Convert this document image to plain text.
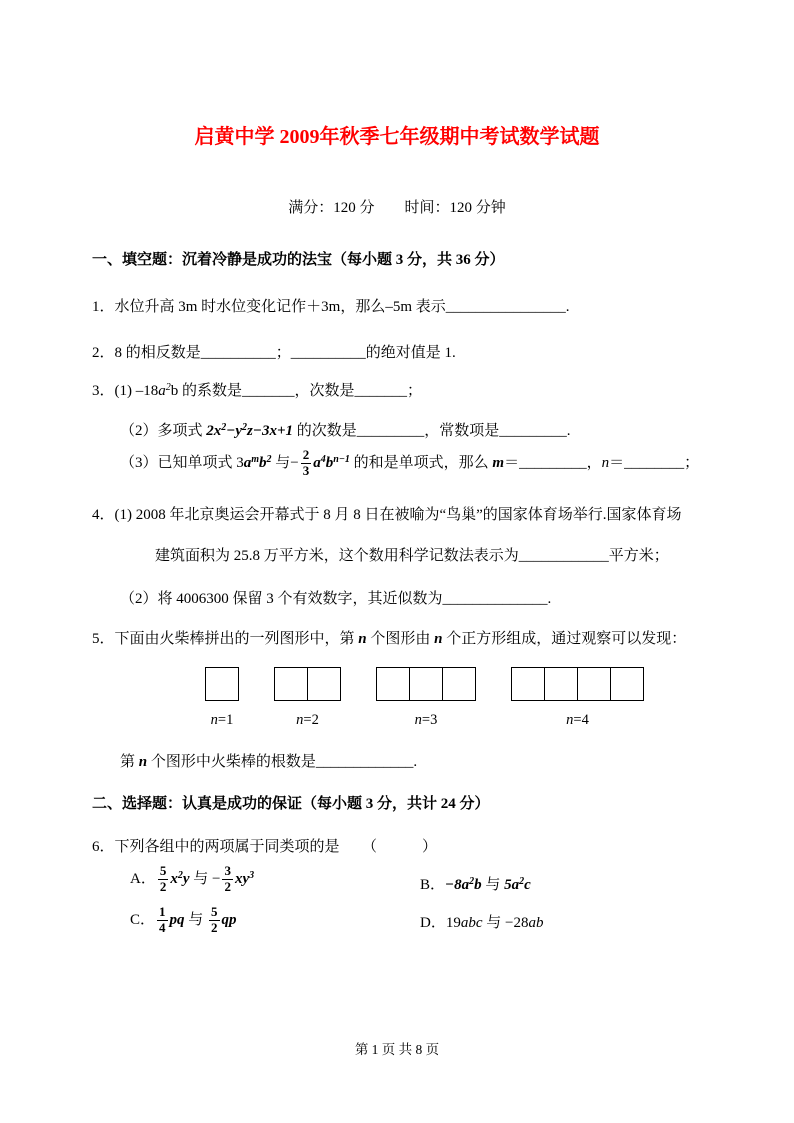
启黄中学 2009年秋季七年级期中考试数学试题
满分：120 分 时间：120 分钟
一、填空题：沉着冷静是成功的法宝（每小题 3 分，共 36 分）
1．水位升高 3m 时水位变化记作＋3m，那么–5m 表示________________.
2．8 的相反数是__________；__________的绝对值是 1.
3．(1) $-18a^2b$ 的系数是_______，次数是_______；
（2）多项式 $2x^2-y^2z-3x+1$ 的次数是_________，常数项是_________.
（3）已知单项式 $3a^mb^2$ 与− $\frac{2}{3} a^4b^{n-1}$ 的和是单项式，那么 m＝_________，n＝________；
4．(1) 2008 年北京奥运会开幕式于 8 月 8 日在被喻为“鸟巢”的国家体育场举行.国家体育场
建筑面积为 25.8 万平方米，这个数用科学记数法表示为____________平方米；
（2）将 4006300 保留 3 个有效数字，其近似数为______________.
5．下面由火柴棒拼出的一列图形中，第 n 个图形由 n 个正方形组成，通过观察可以发现：
n=1	n=2	n=3	n=4
第 n 个图形中火柴棒的根数是_____________.
二、选择题：认真是成功的保证（每小题 3 分，共计 24 分）
6．下列各组中的两项属于同类项的是　　（　　　）
A． $\frac{5}{2} x^2y$ 与 − $\frac{3}{2} xy^3$
B．$-8a^2b$ 与 $5a^2c$
C． $\frac{1}{4}$ pq 与 $\frac{5}{2}$ qp	D．19abc 与 −28ab
第 1 页 共 8 页
